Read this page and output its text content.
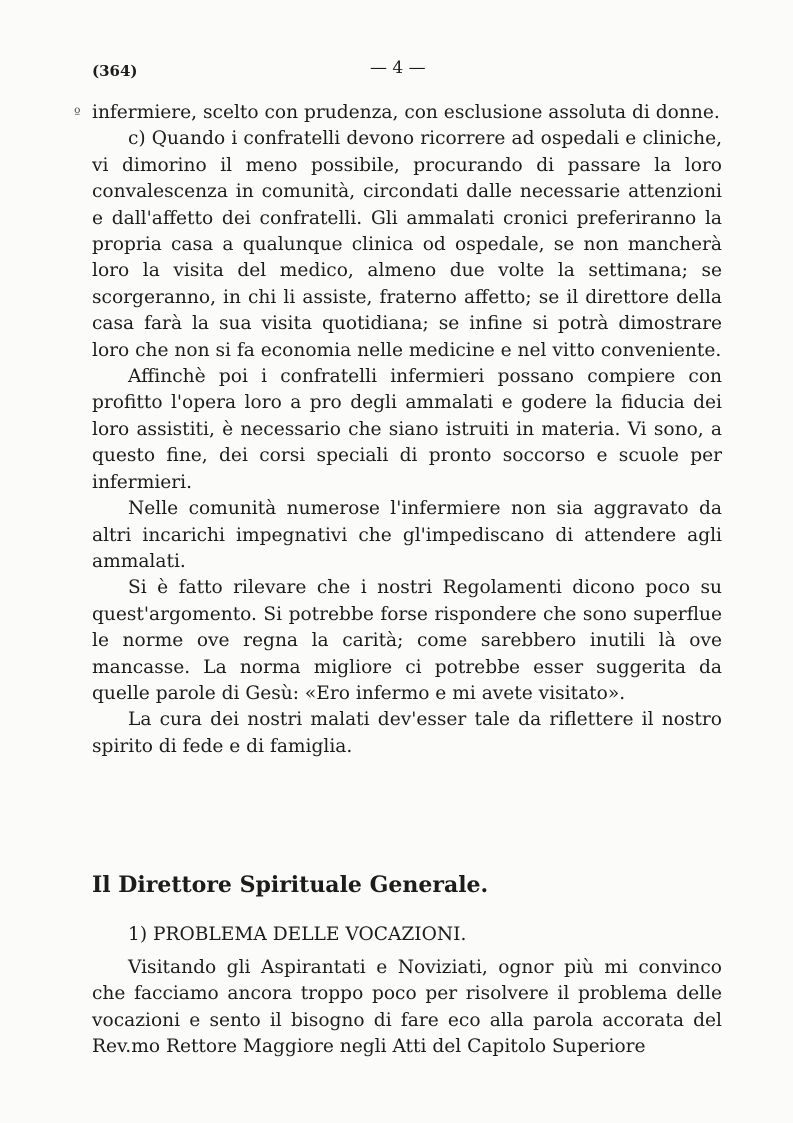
(364)	— 4 —
º infermiere, scelto con prudenza, con esclusione assoluta di donne.

c) Quando i confratelli devono ricorrere ad ospedali e cliniche, vi dimorino il meno possibile, procurando di passare la loro convalescenza in comunità, circondati dalle necessarie attenzioni e dall'affetto dei confratelli. Gli ammalati cronici preferiranno la propria casa a qualunque clinica od ospedale, se non mancherà loro la visita del medico, almeno due volte la settimana; se scorgeranno, in chi li assiste, fraterno affetto; se il direttore della casa farà la sua visita quotidiana; se infine si potrà dimostrare loro che non si fa economia nelle medicine e nel vitto conveniente.

Affinchè poi i confratelli infermieri possano compiere con profitto l'opera loro a pro degli ammalati e godere la fiducia dei loro assistiti, è necessario che siano istruiti in materia. Vi sono, a questo fine, dei corsi speciali di pronto soccorso e scuole per infermieri.

Nelle comunità numerose l'infermiere non sia aggravato da altri incarichi impegnativi che gl'impediscano di attendere agli ammalati.

Si è fatto rilevare che i nostri Regolamenti dicono poco su quest'argomento. Si potrebbe forse rispondere che sono superflue le norme ove regna la carità; come sarebbero inutili là ove mancasse. La norma migliore ci potrebbe esser suggerita da quelle parole di Gesù: «Ero infermo e mi avete visitato».

La cura dei nostri malati dev'esser tale da riflettere il nostro spirito di fede e di famiglia.

Il Direttore Spirituale Generale.

1) PROBLEMA DELLE VOCAZIONI.

Visitando gli Aspirantati e Noviziati, ognor più mi convinco che facciamo ancora troppo poco per risolvere il problema delle vocazioni e sento il bisogno di fare eco alla parola accorata del Rev.mo Rettore Maggiore negli Atti del Capitolo Superiore
